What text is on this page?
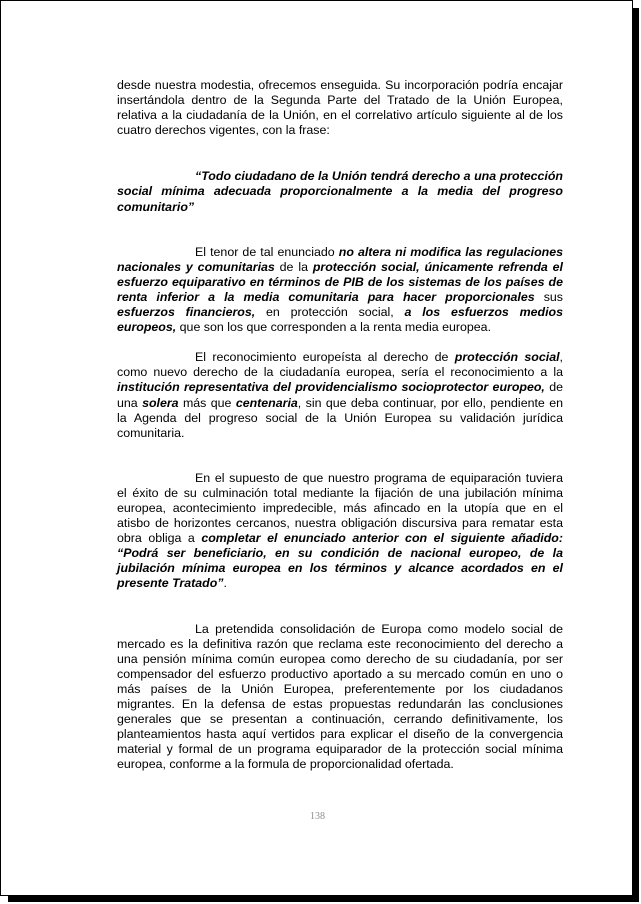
desde nuestra modestia, ofrecemos enseguida. Su incorporación podría encajar insertándola dentro de la Segunda Parte del Tratado de la Unión Europea, relativa a la ciudadanía de la Unión, en el correlativo artículo siguiente al de los cuatro derechos vigentes, con la frase:

“Todo ciudadano de la Unión tendrá derecho a una protección social mínima adecuada proporcionalmente a la media del progreso comunitario”

El tenor de tal enunciado no altera ni modifica las regulaciones nacionales y comunitarias de la protección social, únicamente refrenda el esfuerzo equiparativo en términos de PIB de los sistemas de los países de renta inferior a la media comunitaria para hacer proporcionales sus esfuerzos financieros, en protección social, a los esfuerzos medios europeos, que son los que corresponden a la renta media europea.

El reconocimiento europeísta al derecho de protección social, como nuevo derecho de la ciudadanía europea, sería el reconocimiento a la institución representativa del providencialismo socioprotector europeo, de una solera más que centenaria, sin que deba continuar, por ello, pendiente en la Agenda del progreso social de la Unión Europea su validación jurídica comunitaria.

En el supuesto de que nuestro programa de equiparación tuviera el éxito de su culminación total mediante la fijación de una jubilación mínima europea, acontecimiento impredecible, más afincado en la utopía que en el atisbo de horizontes cercanos, nuestra obligación discursiva para rematar esta obra obliga a completar el enunciado anterior con el siguiente añadido: “Podrá ser beneficiario, en su condición de nacional europeo, de la jubilación mínima europea en los términos y alcance acordados en el presente Tratado”.

La pretendida consolidación de Europa como modelo social de mercado es la definitiva razón que reclama este reconocimiento del derecho a una pensión mínima común europea como derecho de su ciudadanía, por ser compensador del esfuerzo productivo aportado a su mercado común en uno o más países de la Unión Europea, preferentemente por los ciudadanos migrantes. En la defensa de estas propuestas redundarán las conclusiones generales que se presentan a continuación, cerrando definitivamente, los planteamientos hasta aquí vertidos para explicar el diseño de la convergencia material y formal de un programa equiparador de la protección social mínima europea, conforme a la formula de proporcionalidad ofertada.

138
